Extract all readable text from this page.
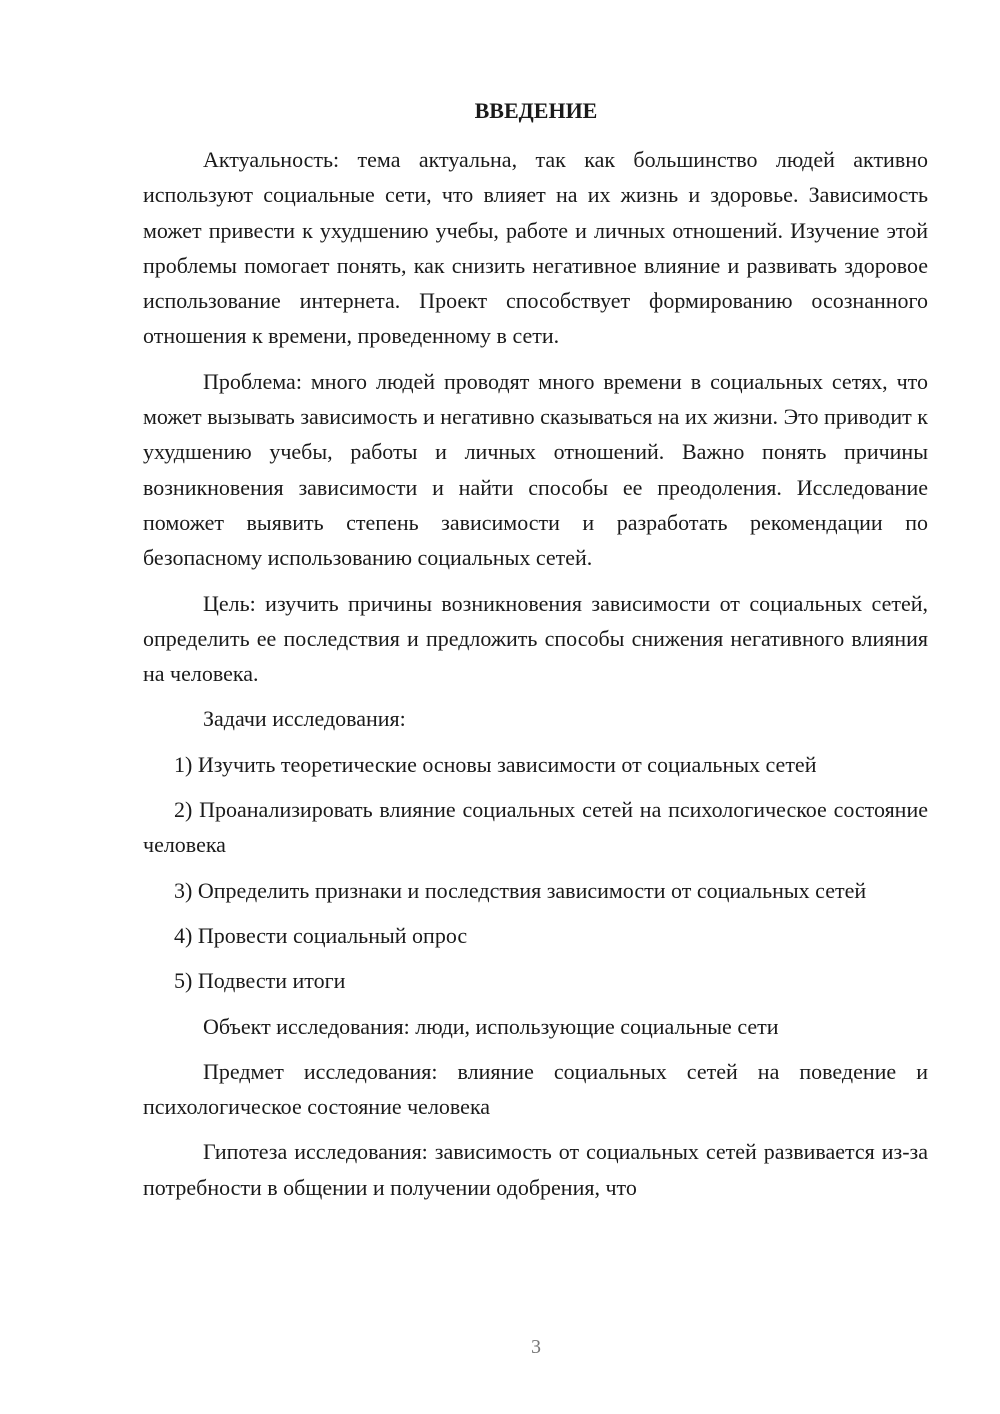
ВВЕДЕНИЕ

Актуальность: тема актуальна, так как большинство людей активно используют социальные сети, что влияет на их жизнь и здоровье. Зависимость может привести к ухудшению учебы, работе и личных отношений. Изучение этой проблемы помогает понять, как снизить негативное влияние и развивать здоровое использование интернета. Проект способствует формированию осознанного отношения к времени, проведенному в сети.

Проблема: много людей проводят много времени в социальных сетях, что может вызывать зависимость и негативно сказываться на их жизни. Это приводит к ухудшению учебы, работы и личных отношений. Важно понять причины возникновения зависимости и найти способы ее преодоления. Исследование поможет выявить степень зависимости и разработать рекомендации по безопасному использованию социальных сетей.

Цель: изучить причины возникновения зависимости от социальных сетей, определить ее последствия и предложить способы снижения негативного влияния на человека.

Задачи исследования:

1) Изучить теоретические основы зависимости от социальных сетей

2) Проанализировать влияние социальных сетей на психологическое состояние человека

3) Определить признаки и последствия зависимости от социальных сетей

4) Провести социальный опрос

5) Подвести итоги

Объект исследования: люди, использующие социальные сети

Предмет исследования: влияние социальных сетей на поведение и психологическое состояние человека

Гипотеза исследования: зависимость от социальных сетей развивается из-за потребности в общении и получении одобрения, что

3
